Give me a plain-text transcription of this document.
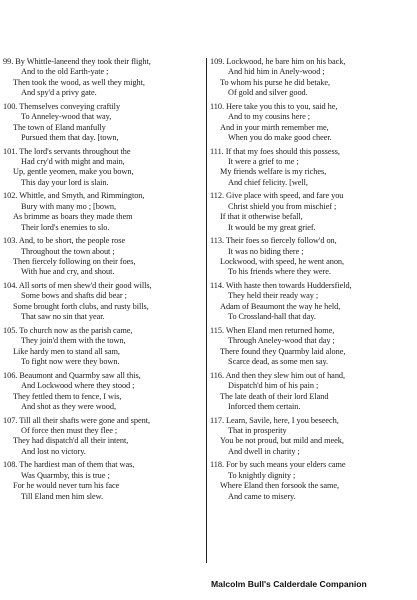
99. By Whittle-laneend they took their flight,
And to the old Earth-yate ;
Then took the wood, as well they might,
And spy'd a privy gate.
100. Themselves conveying craftily
To Anneley-wood that way,
The town of Eland manfully
Pursued them that day. [town,
101. The lord's servants throughout the
Had cry'd with might and main,
Up, gentle yeomen, make you bown,
This day your lord is slain.
102. Whittle, and Smyth, and Rimmington,
Bury with many mo ; [bown,
As brimme as boars they made them
Their lord's enemies to slo.
103. And, to be short, the people rose
Throughout the town about ;
Then fiercely following on their foes,
With hue and cry, and shout.
104. All sorts of men shew'd their good wills,
Some bows and shafts did bear ;
Some brought forth clubs, and rusty bills,
That saw no sin that year.
105. To church now as the parish came,
They join'd them with the town,
Like hardy men to stand all sam,
To fight now were they bown.
106. Beaumont and Quarmby saw all this,
And Lockwood where they stood ;
They fettled them to fence, I wis,
And shot as they were wood,
107. Till all their shafts were gone and spent,
Of force then must they flee ;
They had dispatch'd all their intent,
And lost no victory.
108. The hardiest man of them that was,
Was Quarmby, this is true ;
For he would never turn his face
Till Eland men him slew.
109. Lockwood, he bare him on his back,
And hid him in Anely-wood ;
To whom his purse he did betake,
Of gold and silver good.
110. Here take you this to you, said he,
And to my cousins here ;
And in your mirth remember me,
When you do make good cheer.
111. If that my foes should this possess,
It were a grief to me ;
My friends welfare is my riches,
And chief felicity. [well,
112. Give place with speed, and fare you
Christ shield you from mischief ;
If that it otherwise befall,
It would be my great grief.
113. Their foes so fiercely follow'd on,
It was no biding there ;
Lockwood, with speed, he went anon,
To his friends where they were.
114. With haste then towards Huddersfield,
They held their ready way ;
Adam of Beaumont the way he held,
To Crossland-hall that day.
115. When Eland men returned home,
Through Aneley-wood that day ;
There found they Quarmby laid alone,
Scarce dead, as some men say.
116. And then they slew him out of hand,
Dispatch'd him of his pain ;
The late death of their lord Eland
Inforced them certain.
117. Learn, Savile, here, I you beseech,
That in prosperity
You be not proud, but mild and meek,
And dwell in charity ;
118. For by such means your elders came
To knightly dignity ;
Where Eland then forsook the same,
And came to misery.
Malcolm Bull's Calderdale Companion
